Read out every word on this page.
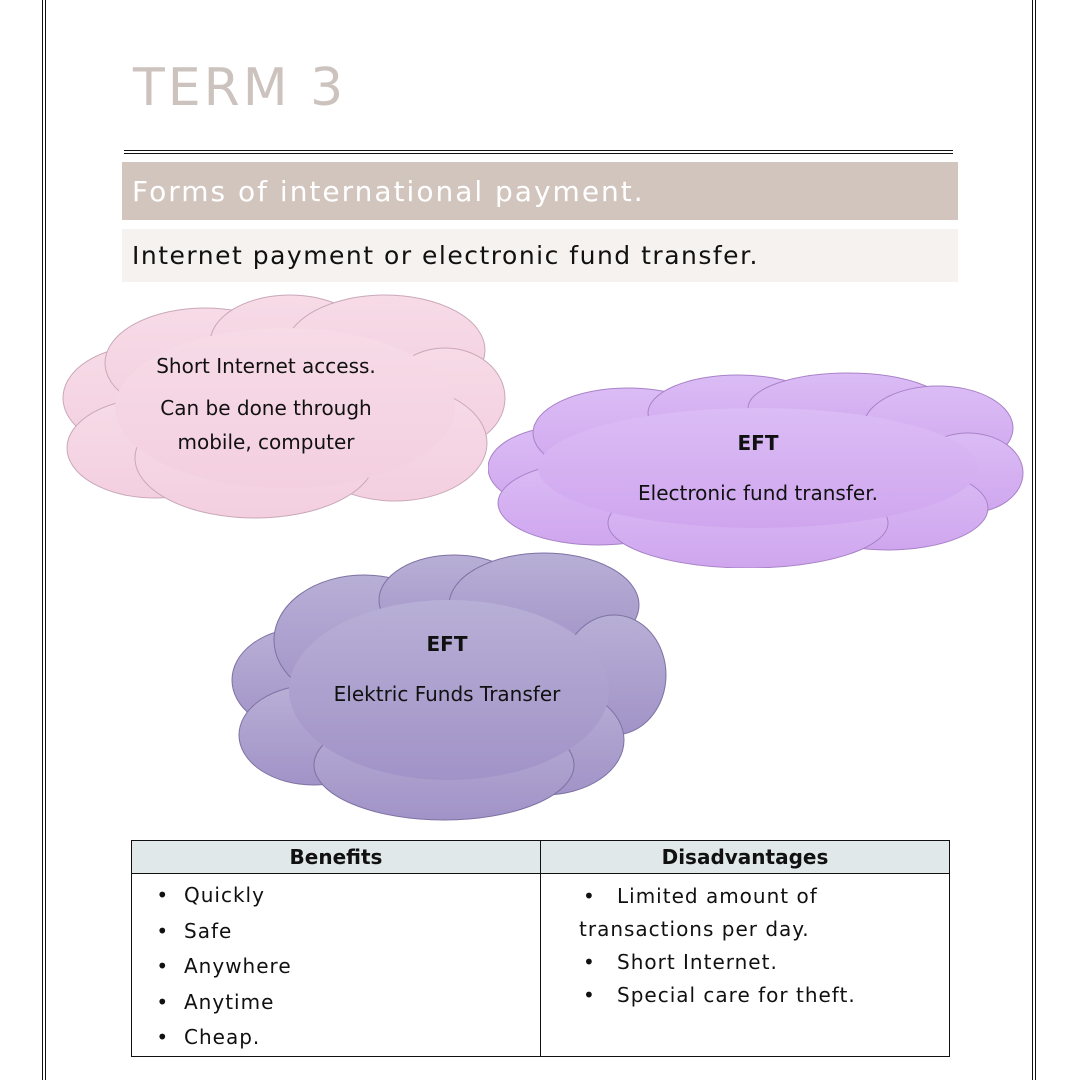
TERM 3
Forms of international payment.
Internet payment or electronic fund transfer.
Short Internet access.
Can be done through
mobile, computer	EFT
Electronic fund transfer.
EFT
Elektric Funds Transfer
Benefits	Disadvantages

• Quickly
• Safe
• Anywhere
• Anytime
• Cheap.

• Limited amount of
transactions per day.
• Short Internet.
• Special care for theft.
